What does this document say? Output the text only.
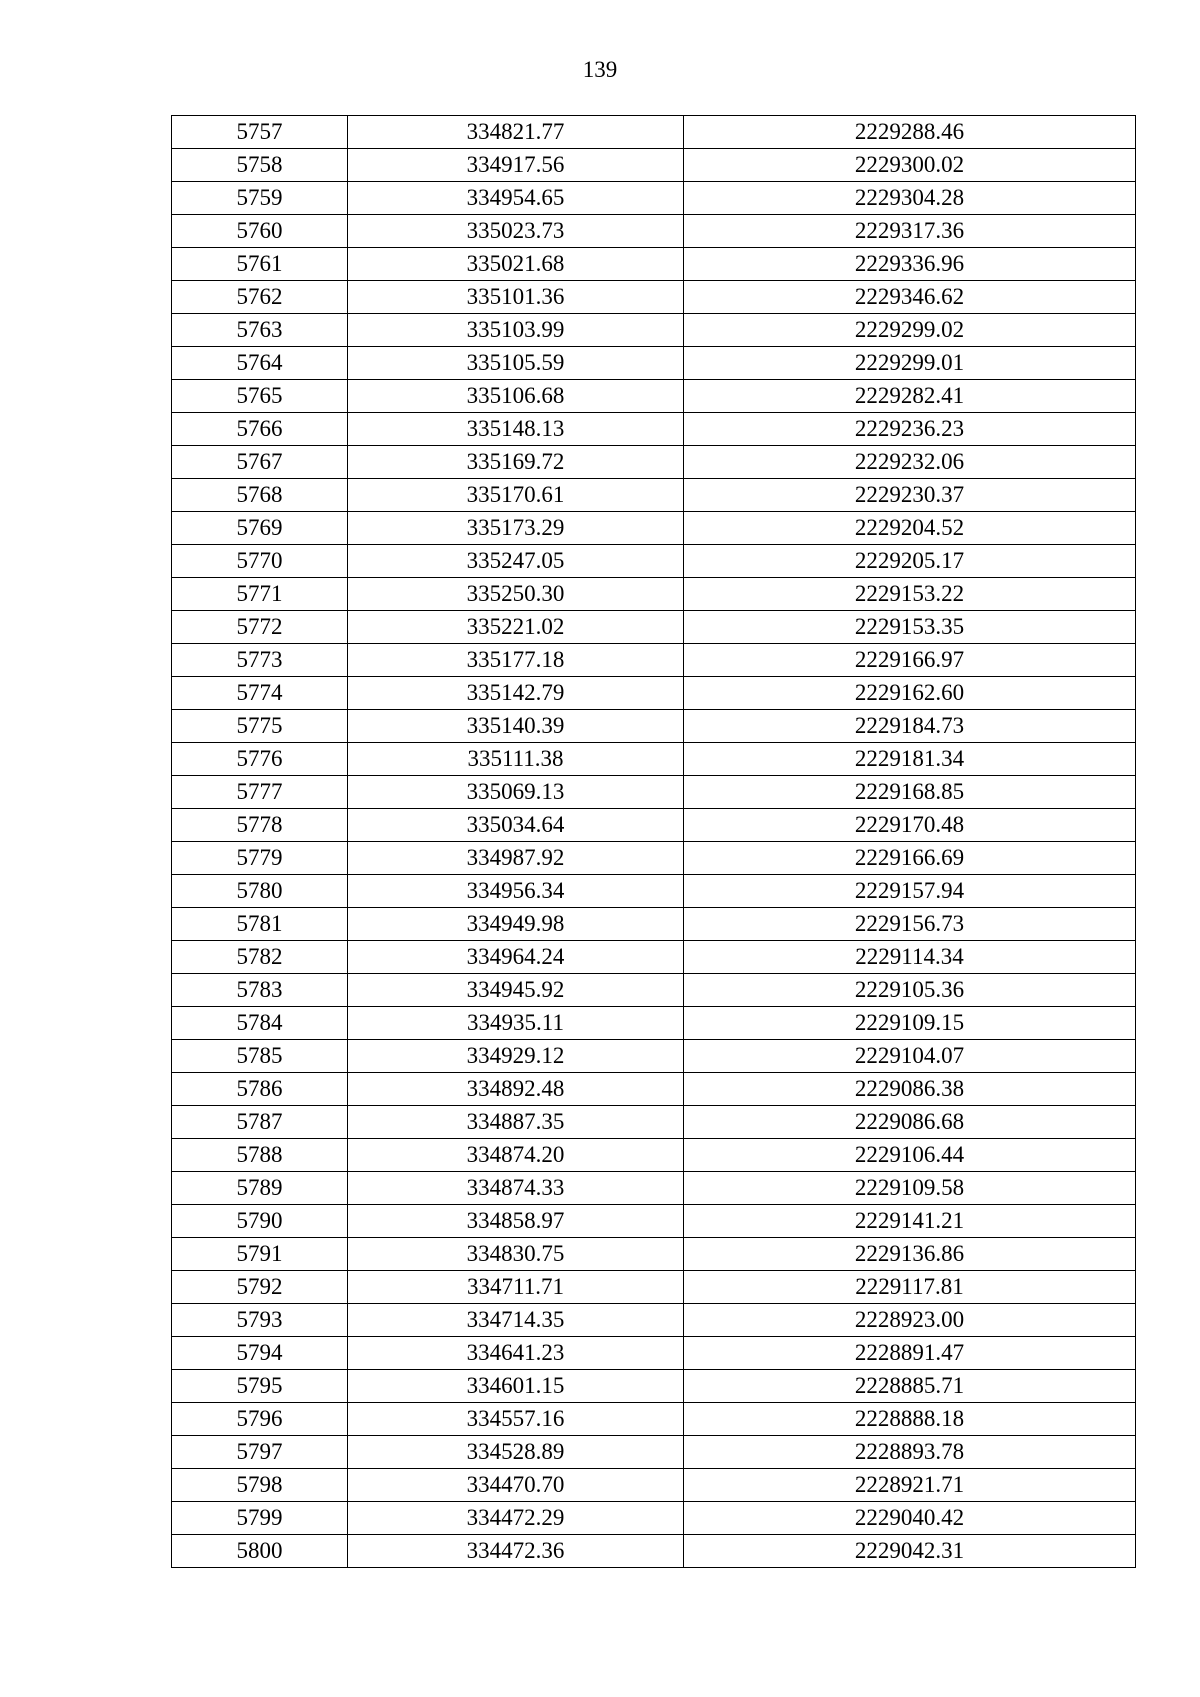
139
5757	334821.77	2229288.46
5758	334917.56	2229300.02
5759	334954.65	2229304.28
5760	335023.73	2229317.36
5761	335021.68	2229336.96
5762	335101.36	2229346.62
5763	335103.99	2229299.02
5764	335105.59	2229299.01
5765	335106.68	2229282.41
5766	335148.13	2229236.23
5767	335169.72	2229232.06
5768	335170.61	2229230.37
5769	335173.29	2229204.52
5770	335247.05	2229205.17
5771	335250.30	2229153.22
5772	335221.02	2229153.35
5773	335177.18	2229166.97
5774	335142.79	2229162.60
5775	335140.39	2229184.73
5776	335111.38	2229181.34
5777	335069.13	2229168.85
5778	335034.64	2229170.48
5779	334987.92	2229166.69
5780	334956.34	2229157.94
5781	334949.98	2229156.73
5782	334964.24	2229114.34
5783	334945.92	2229105.36
5784	334935.11	2229109.15
5785	334929.12	2229104.07
5786	334892.48	2229086.38
5787	334887.35	2229086.68
5788	334874.20	2229106.44
5789	334874.33	2229109.58
5790	334858.97	2229141.21
5791	334830.75	2229136.86
5792	334711.71	2229117.81
5793	334714.35	2228923.00
5794	334641.23	2228891.47
5795	334601.15	2228885.71
5796	334557.16	2228888.18
5797	334528.89	2228893.78
5798	334470.70	2228921.71
5799	334472.29	2229040.42
5800	334472.36	2229042.31
